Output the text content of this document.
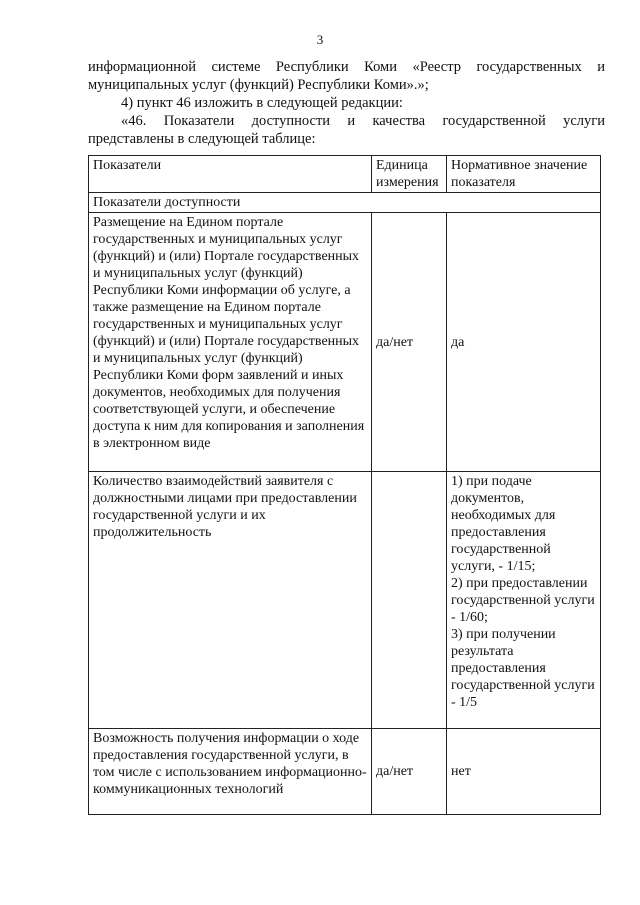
3

информационной системе Республики Коми «Реестр государственных и муниципальных услуг (функций) Республики Коми».»;

4) пункт 46 изложить в следующей редакции:

«46. Показатели доступности и качества государственной услуги представлены в следующей таблице:

Показатели	Единица измерения	Нормативное значение показателя
Показатели доступности		
Размещение на Едином портале государственных и муниципальных услуг (функций) и (или) Портале государственных и муниципальных услуг (функций) Республики Коми информации об услуге, а также размещение на Едином портале государственных и муниципальных услуг (функций) и (или) Портале государственных и муниципальных услуг (функций) Республики Коми форм заявлений и иных документов, необходимых для получения соответствующей услуги, и обеспечение доступа к ним для копирования и заполнения в электронном виде	да/нет	да
Количество взаимодействий заявителя с должностными лицами при предоставлении государственной услуги и их продолжительность		1) при подаче документов, необходимых для предоставления государственной услуги, - 1/15;
2) при предоставлении государственной услуги - 1/60;
3) при получении результата предоставления государственной услуги - 1/5

Возможность получения информации о ходе предоставления государственной услуги, в том числе с использованием информационно-коммуникационных технологий	да/нет	нет
